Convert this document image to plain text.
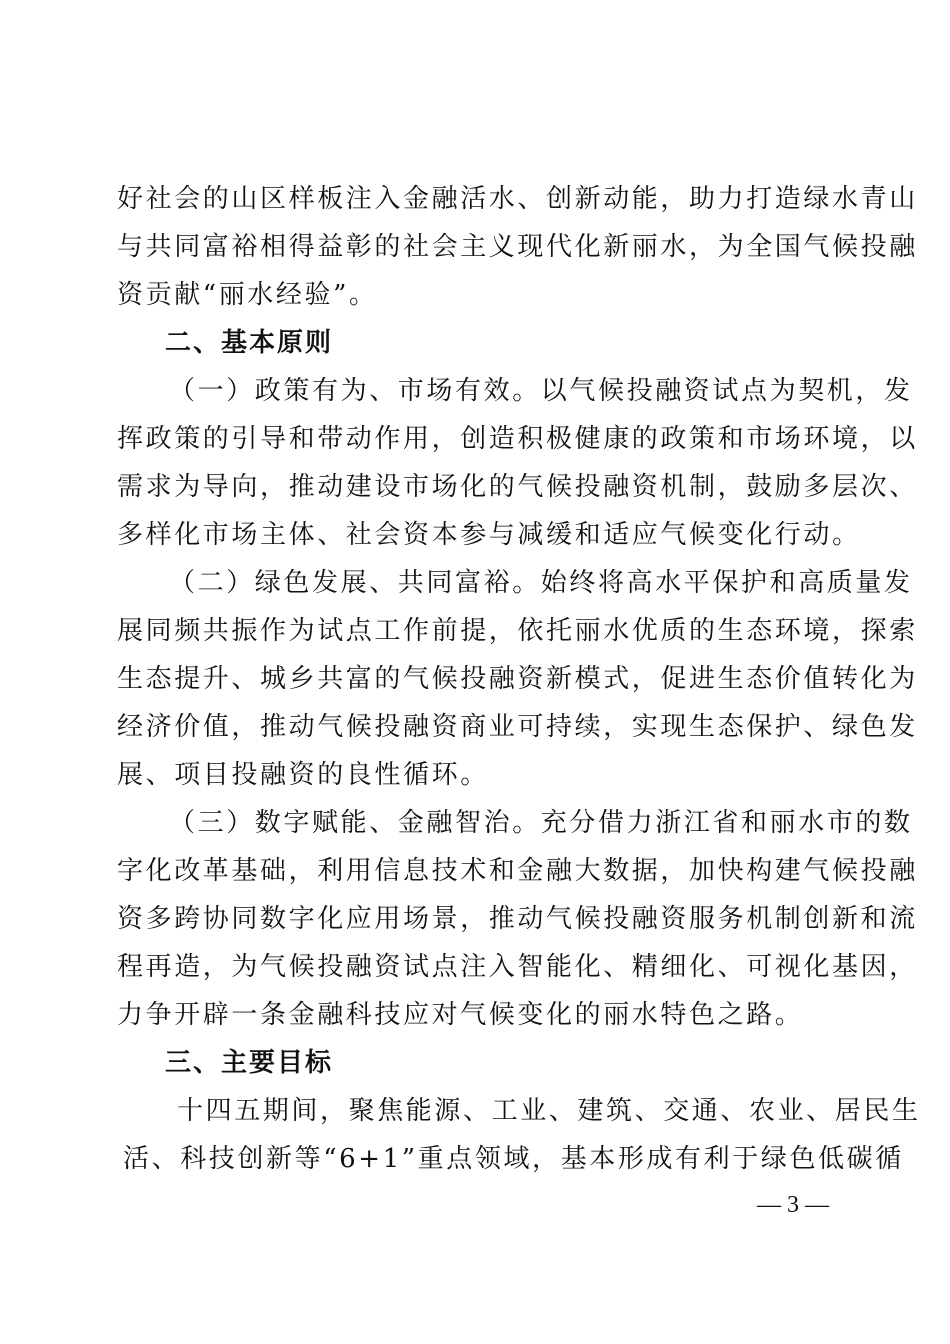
好社会的山区样板注入金融活水、创新动能，助力打造绿水青山
与共同富裕相得益彰的社会主义现代化新丽水，为全国气候投融
资贡献“丽水经验”。
二、基本原则
（一）政策有为、市场有效。以气候投融资试点为契机，发
挥政策的引导和带动作用，创造积极健康的政策和市场环境，以
需求为导向，推动建设市场化的气候投融资机制，鼓励多层次、
多样化市场主体、社会资本参与减缓和适应气候变化行动。
（二）绿色发展、共同富裕。始终将高水平保护和高质量发
展同频共振作为试点工作前提，依托丽水优质的生态环境，探索
生态提升、城乡共富的气候投融资新模式，促进生态价值转化为
经济价值，推动气候投融资商业可持续，实现生态保护、绿色发
展、项目投融资的良性循环。
（三）数字赋能、金融智治。充分借力浙江省和丽水市的数
字化改革基础，利用信息技术和金融大数据，加快构建气候投融
资多跨协同数字化应用场景，推动气候投融资服务机制创新和流
程再造，为气候投融资试点注入智能化、精细化、可视化基因，
力争开辟一条金融科技应对气候变化的丽水特色之路。
三、主要目标
十四五期间，聚焦能源、工业、建筑、交通、农业、居民生
活、科技创新等“6+1”重点领域，基本形成有利于绿色低碳循
— 3 —
